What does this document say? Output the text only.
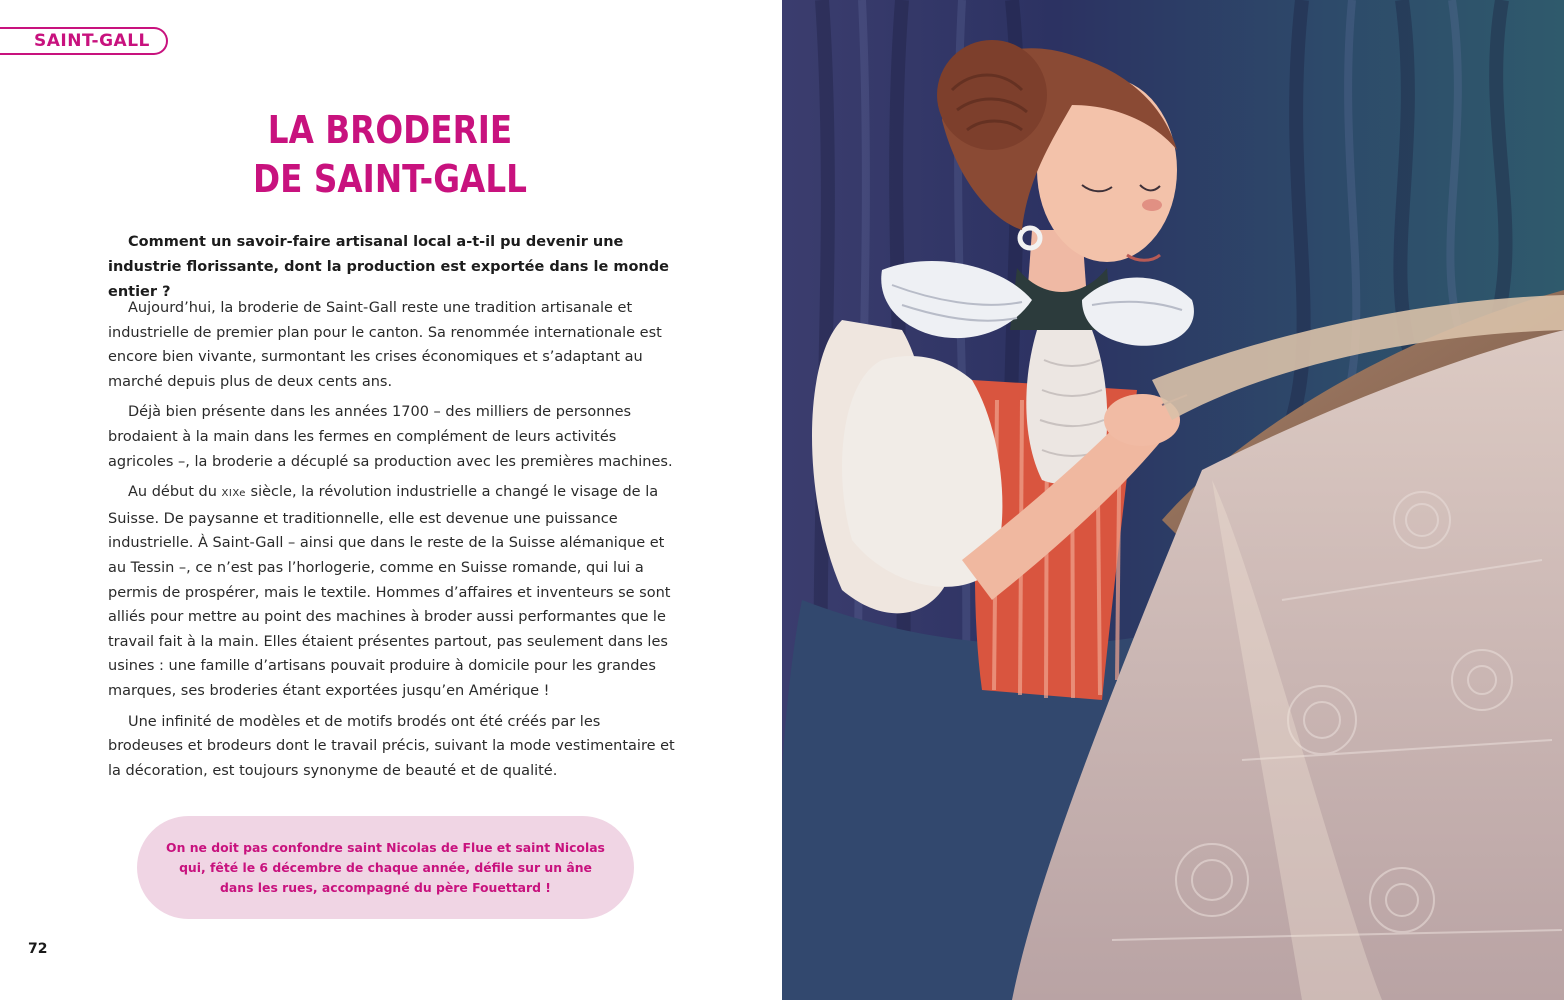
SAINT-GALL
LA BRODERIE
DE SAINT-GALL

Comment un savoir-faire artisanal local a-t-il pu devenir une industrie florissante, dont la production est exportée dans le monde entier ?

Aujourd’hui, la broderie de Saint-Gall reste une tradition artisanale et industrielle de premier plan pour le canton. Sa renommée internationale est encore bien vivante, surmontant les crises économiques et s’adaptant au marché depuis plus de deux cents ans.

Déjà bien présente dans les années 1700 – des milliers de personnes brodaient à la main dans les fermes en complément de leurs activités agricoles –, la broderie a décuplé sa production avec les premières machines.

Au début du XIXe siècle, la révolution industrielle a changé le visage de la Suisse. De paysanne et traditionnelle, elle est devenue une puissance industrielle. À Saint-Gall – ainsi que dans le reste de la Suisse alémanique et au Tessin –, ce n’est pas l’horlogerie, comme en Suisse romande, qui lui a permis de prospérer, mais le textile. Hommes d’affaires et inventeurs se sont alliés pour mettre au point des machines à broder aussi performantes que le travail fait à la main. Elles étaient présentes partout, pas seulement dans les usines : une famille d’artisans pouvait produire à domicile pour les grandes marques, ses broderies étant exportées jusqu’en Amérique !

Une infinité de modèles et de motifs brodés ont été créés par les brodeuses et brodeurs dont le travail précis, suivant la mode vestimentaire et la décoration, est toujours synonyme de beauté et de qualité.

On ne doit pas confondre saint Nicolas de Flue et saint Nicolas qui, fêté le 6 décembre de chaque année, défile sur un âne dans les rues, accompagné du père Fouettard !
72
